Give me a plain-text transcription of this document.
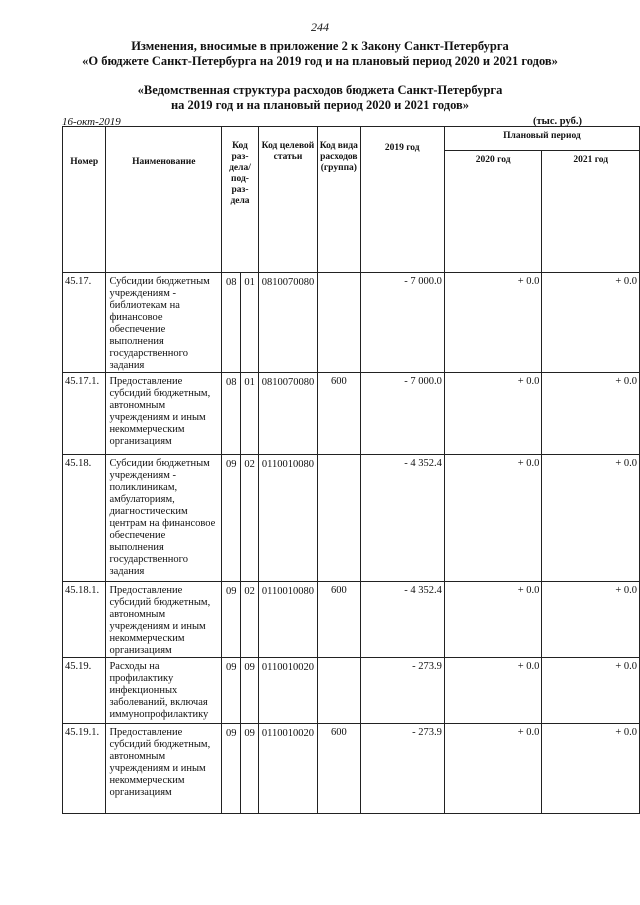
244
Изменения, вносимые в приложение 2 к Закону Санкт-Петербурга
«О бюджете Санкт-Петербурга на 2019 год и на плановый период 2020 и 2021 годов»
«Ведомственная структура расходов бюджета Санкт-Петербурга
на 2019 год и на плановый период 2020 и 2021 годов»
16-окт-2019	(тыс. руб.)
Номер	Наименование	Код раз-дела/ под-раз-дела		Код целевой статьи	Код вида расходов (группа)	2019 год	Плановый период	
							2020 год	2021 год
45.17.	Субсидии бюджетным учреждениям - библиотекам на финансовое обеспечение выполнения государственного задания	08	01	0810070080		- 7 000.0	+ 0.0	+ 0.0
45.17.1.	Предоставление субсидий бюджетным, автономным учреждениям и иным некоммерческим организациям	08	01	0810070080	600	- 7 000.0	+ 0.0	+ 0.0
45.18.	Субсидии бюджетным учреждениям - поликлиникам, амбулаториям, диагностическим центрам на финансовое обеспечение выполнения государственного задания	09	02	0110010080		- 4 352.4	+ 0.0	+ 0.0
45.18.1.	Предоставление субсидий бюджетным, автономным учреждениям и иным некоммерческим организациям	09	02	0110010080	600	- 4 352.4	+ 0.0	+ 0.0
45.19.	Расходы на профилактику инфекционных заболеваний, включая иммунопрофилактику	09	09	0110010020		- 273.9	+ 0.0	+ 0.0
45.19.1.	Предоставление субсидий бюджетным, автономным учреждениям и иным некоммерческим организациям	09	09	0110010020	600	- 273.9	+ 0.0	+ 0.0
